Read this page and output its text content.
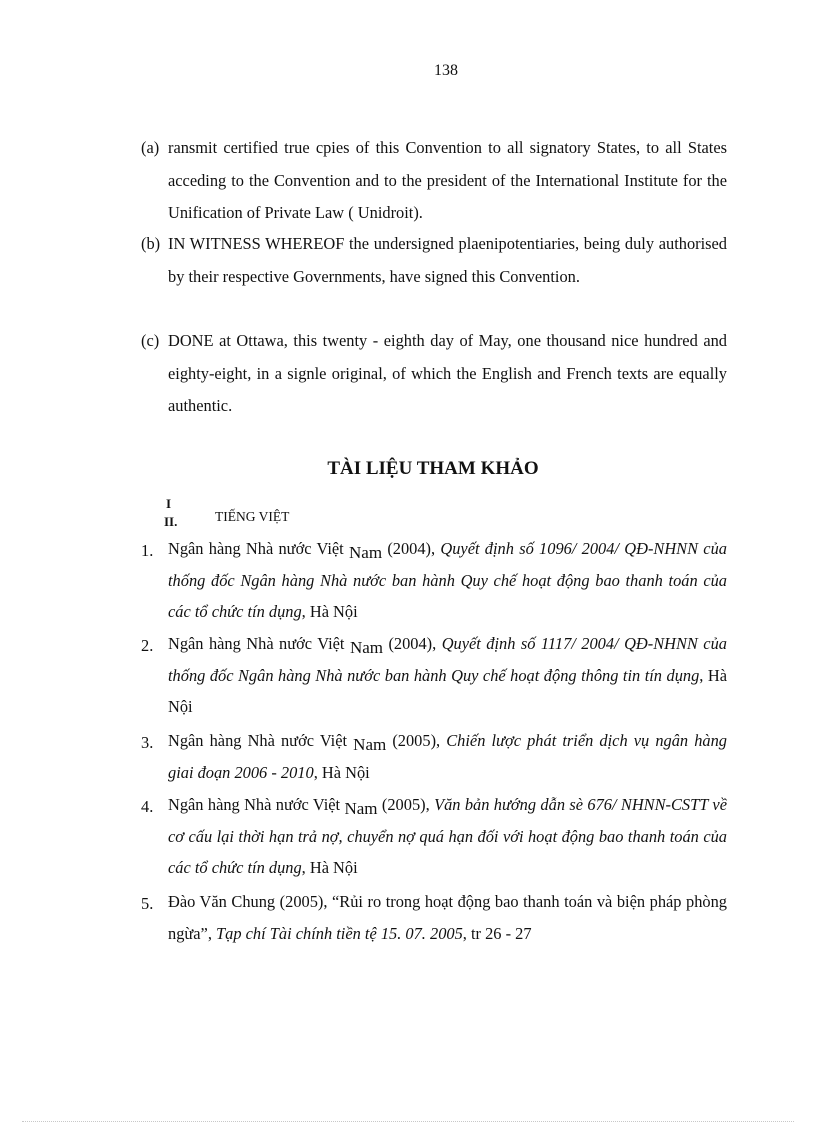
138
(a) ransmit certified true cpies of this Convention to all signatory States, to all States acceding to the Convention and to the president of the International Institute for the Unification of Private Law ( Unidroit).
(b) IN WITNESS WHEREOF the undersigned plaenipotentiaries, being duly authorised by their respective Governments, have signed this Convention.
(c) DONE at Ottawa, this twenty - eighth day of May, one thousand nice hundred and eighty-eight, in a signle original, of which the English and French texts are equally authentic.
TÀI LIỆU THAM KHẢO
I
II.	TIẾNG VIỆT
1. Ngân hàng Nhà nước Việt Nam (2004), Quyết định số 1096/ 2004/ QĐ-NHNN của thống đốc Ngân hàng Nhà nước ban hành Quy chế hoạt động bao thanh toán của các tổ chức tín dụng, Hà Nội
2. Ngân hàng Nhà nước Việt Nam (2004), Quyết định số 1117/ 2004/ QĐ-NHNN của thống đốc Ngân hàng Nhà nước ban hành Quy chế hoạt động thông tin tín dụng, Hà Nội
3. Ngân hàng Nhà nước Việt Nam (2005), Chiến lược phát triển dịch vụ ngân hàng giai đoạn 2006 - 2010, Hà Nội
4. Ngân hàng Nhà nước Việt Nam (2005), Văn bản hướng dẫn sè 676/ NHNN-CSTT về cơ cấu lại thời hạn trả nợ, chuyển nợ quá hạn đối với hoạt động bao thanh toán của các tổ chức tín dụng, Hà Nội
5. Đào Văn Chung (2005), “Rủi ro trong hoạt động bao thanh toán và biện pháp phòng ngừa”, Tạp chí Tài chính tiền tệ 15. 07. 2005, tr 26 - 27
